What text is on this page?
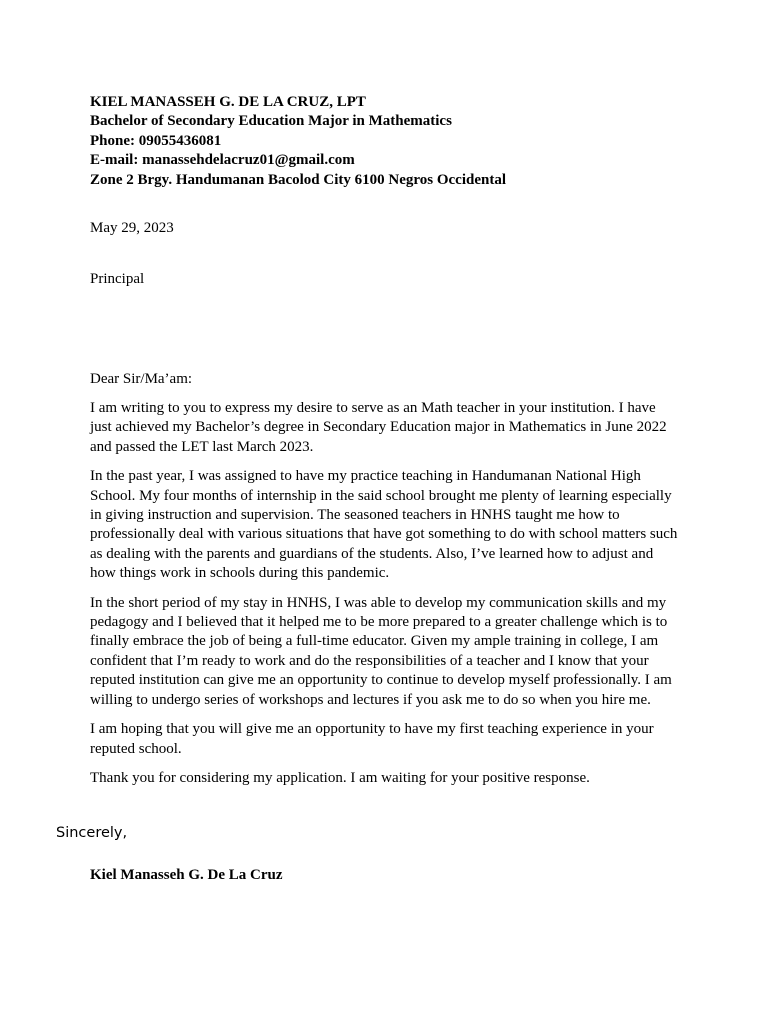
KIEL MANASSEH G. DE LA CRUZ, LPT
Bachelor of Secondary Education Major in Mathematics
Phone: 09055436081
E-mail: manassehdelacruz01@gmail.com
Zone 2 Brgy. Handumanan Bacolod City 6100 Negros Occidental
May 29, 2023
Principal
Dear Sir/Ma’am:

I am writing to you to express my desire to serve as an Math teacher in your institution. I have just achieved my Bachelor’s degree in Secondary Education major in Mathematics in June 2022 and passed the LET last March 2023.

In the past year, I was assigned to have my practice teaching in Handumanan National High School. My four months of internship in the said school brought me plenty of learning especially in giving instruction and supervision. The seasoned teachers in HNHS taught me how to professionally deal with various situations that have got something to do with school matters such as dealing with the parents and guardians of the students. Also, I’ve learned how to adjust and how things work in schools during this pandemic.

In the short period of my stay in HNHS, I was able to develop my communication skills and my pedagogy and I believed that it helped me to be more prepared to a greater challenge which is to finally embrace the job of being a full-time educator. Given my ample training in college, I am confident that I’m ready to work and do the responsibilities of a teacher and I know that your reputed institution can give me an opportunity to continue to develop myself professionally. I am willing to undergo series of workshops and lectures if you ask me to do so when you hire me.

I am hoping that you will give me an opportunity to have my first teaching experience in your reputed school.

Thank you for considering my application. I am waiting for your positive response.

Sincerely,
Kiel Manasseh G. De La Cruz
